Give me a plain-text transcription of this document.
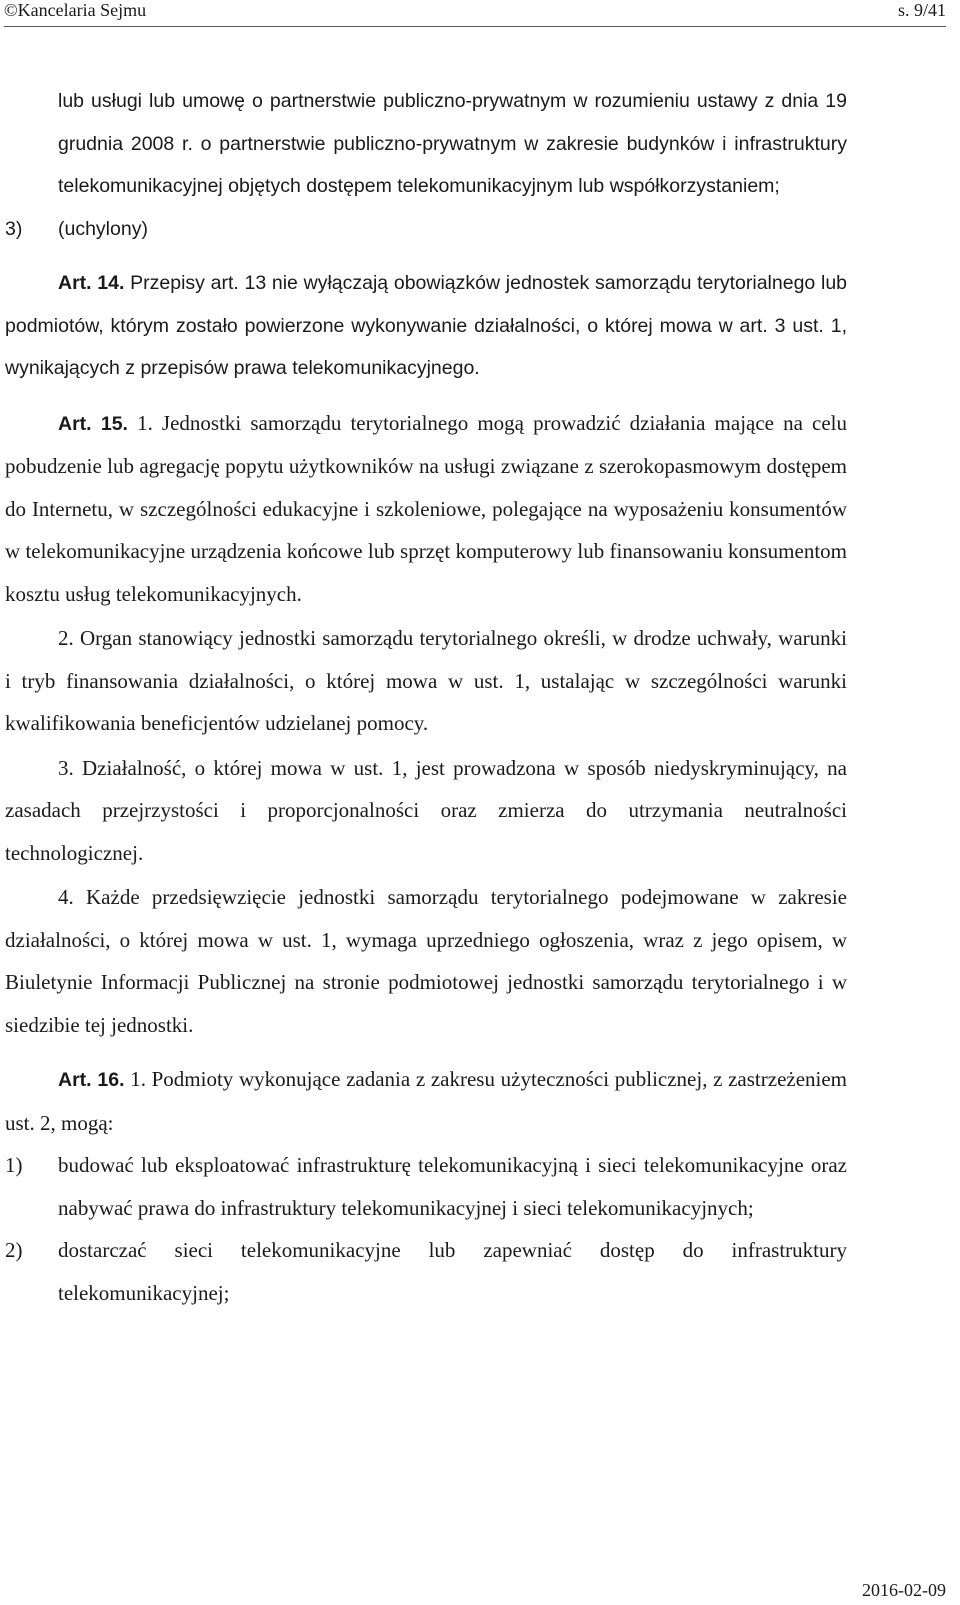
©Kancelaria Sejmu	s. 9/41

lub usługi lub umowę o partnerstwie publiczno-prywatnym w rozumieniu ustawy z dnia 19 grudnia 2008 r. o partnerstwie publiczno-prywatnym w zakresie budynków i infrastruktury telekomunikacyjnej objętych dostępem telekomunikacyjnym lub współkorzystaniem;

3) (uchylony)

Art. 14. Przepisy art. 13 nie wyłączają obowiązków jednostek samorządu terytorialnego lub podmiotów, którym zostało powierzone wykonywanie działalności, o której mowa w art. 3 ust. 1, wynikających z przepisów prawa telekomunikacyjnego.

Art. 15. 1. Jednostki samorządu terytorialnego mogą prowadzić działania mające na celu pobudzenie lub agregację popytu użytkowników na usługi związane z szerokopasmowym dostępem do Internetu, w szczególności edukacyjne i szkoleniowe, polegające na wyposażeniu konsumentów w telekomunikacyjne urządzenia końcowe lub sprzęt komputerowy lub finansowaniu konsumentom kosztu usług telekomunikacyjnych.

2. Organ stanowiący jednostki samorządu terytorialnego określi, w drodze uchwały, warunki i tryb finansowania działalności, o której mowa w ust. 1, ustalając w szczególności warunki kwalifikowania beneficjentów udzielanej pomocy.

3. Działalność, o której mowa w ust. 1, jest prowadzona w sposób niedyskryminujący, na zasadach przejrzystości i proporcjonalności oraz zmierza do utrzymania neutralności technologicznej.

4. Każde przedsięwzięcie jednostki samorządu terytorialnego podejmowane w zakresie działalności, o której mowa w ust. 1, wymaga uprzedniego ogłoszenia, wraz z jego opisem, w Biuletynie Informacji Publicznej na stronie podmiotowej jednostki samorządu terytorialnego i w siedzibie tej jednostki.

Art. 16. 1. Podmioty wykonujące zadania z zakresu użyteczności publicznej, z zastrzeżeniem ust. 2, mogą:

1) budować lub eksploatować infrastrukturę telekomunikacyjną i sieci telekomunikacyjne oraz nabywać prawa do infrastruktury telekomunikacyjnej i sieci telekomunikacyjnych;

2) dostarczać sieci telekomunikacyjne lub zapewniać dostęp do infrastruktury telekomunikacyjnej;

2016-02-09
